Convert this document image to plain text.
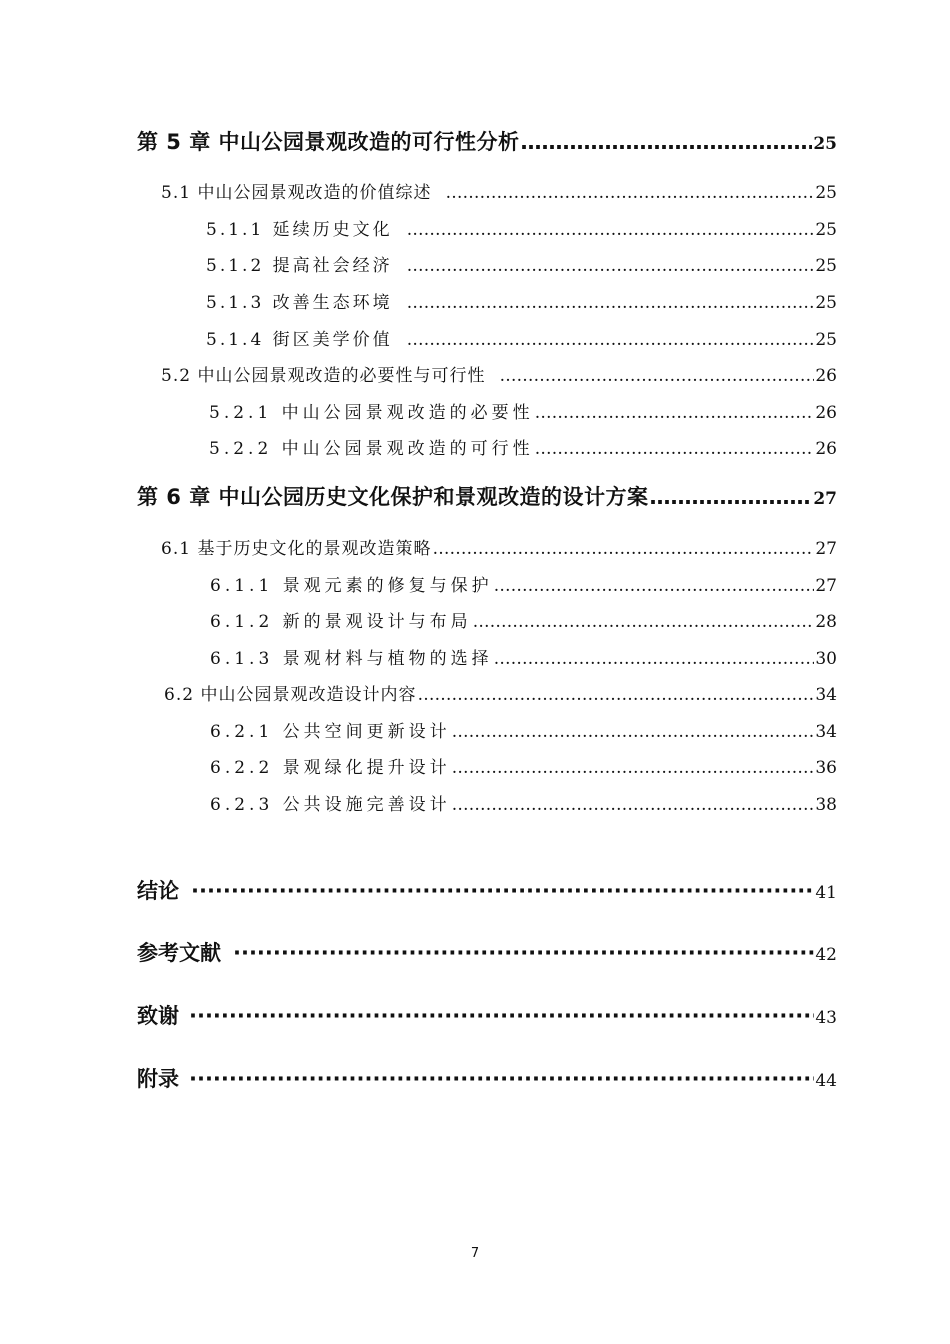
第 5 章 中山公园景观改造的可行性分析 …………………………………………………………………………………………………………………………………………………………………………………	25
5.1 中山公园景观改造的价值综述 …………………………………………………………………………………………………………………………………………………………………………………	25
5.1.1 延续历史文化 …………………………………………………………………………………………………………………………………………………………………………………	25
5.1.2 提高社会经济 …………………………………………………………………………………………………………………………………………………………………………………	25
5.1.3 改善生态环境 …………………………………………………………………………………………………………………………………………………………………………………	25
5.1.4 街区美学价值 …………………………………………………………………………………………………………………………………………………………………………………	25
5.2 中山公园景观改造的必要性与可行性 …………………………………………………………………………………………………………………………………………………………………………………	26
5.2.1 中山公园景观改造的必要性 …………………………………………………………………………………………………………………………………………………………………………………	26
5.2.2 中山公园景观改造的可行性 …………………………………………………………………………………………………………………………………………………………………………………	26
第 6 章 中山公园历史文化保护和景观改造的设计方案 …………………………………………………………………………………………………………………………………………………………………………………	27
6.1 基于历史文化的景观改造策略 …………………………………………………………………………………………………………………………………………………………………………………	27
6.1.1 景观元素的修复与保护 …………………………………………………………………………………………………………………………………………………………………………………	27
6.1.2 新的景观设计与布局 …………………………………………………………………………………………………………………………………………………………………………………	28
6.1.3 景观材料与植物的选择 …………………………………………………………………………………………………………………………………………………………………………………	30
6.2 中山公园景观改造设计内容 …………………………………………………………………………………………………………………………………………………………………………………	34
6.2.1 公共空间更新设计 …………………………………………………………………………………………………………………………………………………………………………………	34
6.2.2 景观绿化提升设计 …………………………………………………………………………………………………………………………………………………………………………………	36
6.2.3 公共设施完善设计 …………………………………………………………………………………………………………………………………………………………………………………	38
结论 ·····	41
参考文献 ·····	42
致谢 ·····	43
附录 ·····	44
7
